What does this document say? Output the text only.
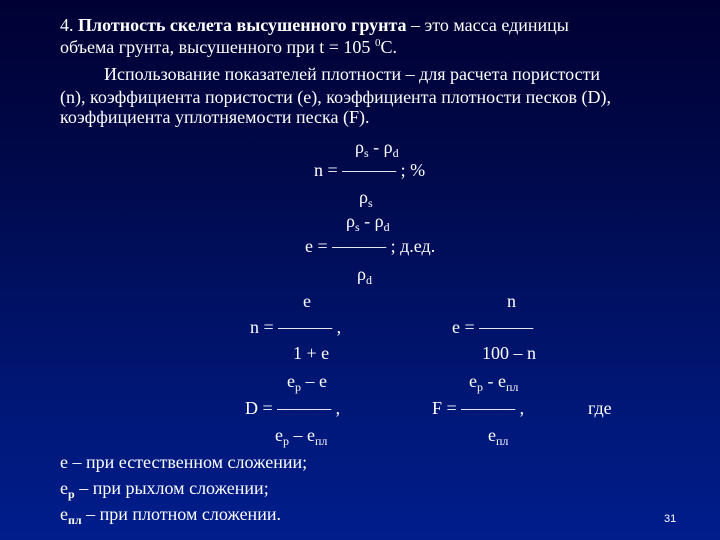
4. Плотность скелета высушенного грунта – это масса единицы
объема грунта, высушенного при t = 105 $^0$С.
Использование показателей плотности – для расчета пористости
(n), коэффициента пористости (е), коэффициента плотности песков (D),
коэффициента уплотняемости песка (F).
$\rho_s - \rho_d$
n = ——— ; %
$\rho_s$
$\rho_s - \rho_d$
е = ——— ; д.ед.
$\rho_d$
е
n = ——— ,
1 + е
n
е = ———
100 – n
$е_р$ – е
D = ——— ,
$е_р - е_{пл}$
$е_р - е_{пл}$
F = ——— ,	где
$е_{пл}$
е – при естественном сложении;
$е_р$ – при рыхлом сложении;
$е_{пл}$ – при плотном сложении.	31
